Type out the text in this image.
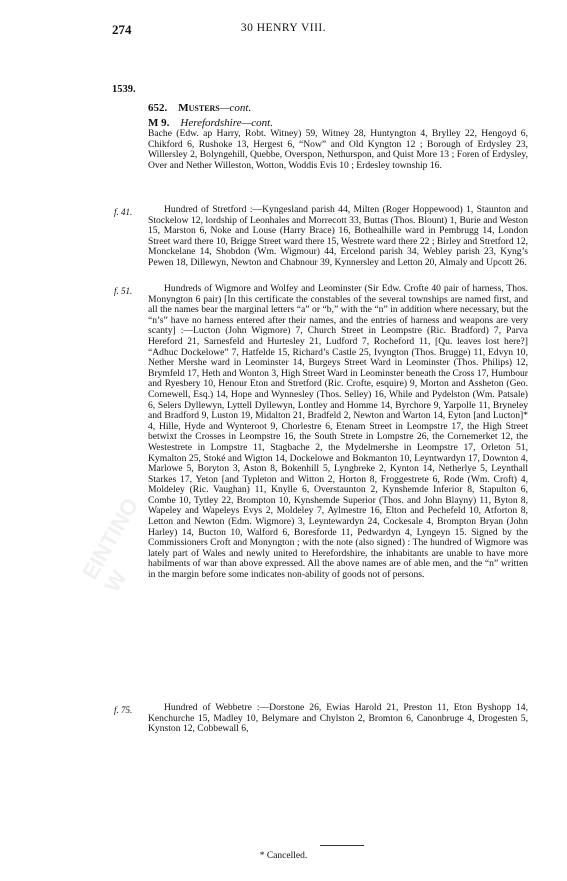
EINTINO W
274	30 HENRY VIII.
1539.
652. Musters—cont.
M 9. Herefordshire—cont.
Bache (Edw. ap Harry, Robt. Witney) 59, Witney 28, Huntyngton 4, Brylley 22, Hengoyd 6, Chikford 6, Rushoke 13, Hergest 6, “Now” and Old Kyngton 12 ; Borough of Erdysley 23, Willersley 2, Bolyngehill, Quebbe, Overspon, Nethurspon, and Quist More 13 ; Foren of Erdysley, Over and Nether Willeston, Wotton, Woddis Evis 10 ; Erdesley township 16.
f. 41.	Hundred of Stretford :—Kyngesland parish 44, Milten (Roger Hoppewood) 1, Staunton and Stockelow 12, lordship of Leonhales and Morrecott 33, Buttas (Thos. Blount) 1, Burie and Weston 15, Marston 6, Noke and Louse (Harry Brace) 16, Bothealhille ward in Pembrugg 14, London Street ward there 10, Brigge Street ward there 15, Westrete ward there 22 ; Birley and Stretford 12, Monckelane 14, Shobdon (Wm. Wigmour) 44, Ercelond parish 34, Webley parish 23, Kyng’s Pewen 18, Dillewyn, Newton and Chabnour 39, Kynnersley and Letton 20, Almaly and Upcott 26.
f. 51.	Hundreds of Wigmore and Wolfey and Leominster (Sir Edw. Crofte 40 pair of harness, Thos. Monyngton 6 pair) [In this certificate the constables of the several townships are named first, and all the names bear the marginal letters “a” or “b,” with the “n” in addition where necessary, but the “n’s” have no harness entered after their names, and the entries of harness and weapons are very scanty] :—Lucton (John Wigmore) 7, Church Street in Leompstre (Ric. Bradford) 7, Parva Hereford 21, Sarnesfeld and Hurtesley 21, Ludford 7, Rocheford 11, [Qu. leaves lost here?] “Adhuc Dockelowe” 7, Hatfelde 15, Richard’s Castle 25, Ivyngton (Thos. Brugge) 11, Edvyn 10, Nether Mershe ward in Leominster 14, Burgeys Street Ward in Leominster (Thos. Philips) 12, Brymfeld 17, Heth and Wonton 3, High Street Ward in Leominster beneath the Cross 17, Humbour and Ryesbery 10, Henour Eton and Stretford (Ric. Crofte, esquire) 9, Morton and Assheton (Geo. Cornewell, Esq.) 14, Hope and Wynnesley (Thos. Selley) 16, While and Pydelston (Wm. Patsale) 6, Selers Dyllewyn, Lyttell Dyllewyn, Lontley and Homme 14, Byrchore 9, Yarpolle 11, Bryneley and Bradford 9, Luston 19, Midalton 21, Bradfeld 2, Newton and Warton 14, Eyton [and Lucton]* 4, Hille, Hyde and Wynteroot 9, Chorlestre 6, Etenam Street in Leompstre 17, the High Street betwixt the Crosses in Leompstre 16, the South Strete in Lompstre 26, the Cornemerket 12, the Westestrete in Lompstre 11, Stagbache 2, the Mydelmershe in Leompstre 17, Orleton 51, Kymalton 25, Stoké and Wigton 14, Dockelowe and Bokmanton 10, Leyntwardyn 17, Downton 4, Marlowe 5, Boryton 3, Aston 8, Bokenhill 5, Lyngbreke 2, Kynton 14, Netherlye 5, Leynthall Starkes 17, Yeton [and Typleton and Witton 2, Horton 8, Froggestrete 6, Rode (Wm. Croft) 4, Moldeley (Ric. Vaughan) 11, Knylle 6, Overstaunton 2, Kynshemde Inferior 8, Stapulton 6, Combe 10, Tytley 22, Brompton 10, Kynshemde Superior (Thos. and John Blayny) 11, Byton 8, Wapeley and Wapeleys Evys 2, Moldeley 7, Aylmestre 16, Elton and Pechefeld 10, Atforton 8, Letton and Newton (Edm. Wigmore) 3, Leyntewardyn 24, Cockesale 4, Brompton Bryan (John Harley) 14, Bucton 10, Walford 6, Boresforde 11, Pedwardyn 4, Lyngeyn 15. Signed by the Commissioners Croft and Monyngton ; with the note (also signed) : The hundred of Wigmore was lately part of Wales and newly united to Herefordshire, the inhabitants are unable to have more habilments of war than above expressed. All the above names are of able men, and the “n” written in the margin before some indicates non-ability of goods not of persons.
f. 75.	Hundred of Webbetre :—Dorstone 26, Ewias Harold 21, Preston 11, Eton Byshopp 14, Kenchurche 15, Madley 10, Belymare and Chylston 2, Bromton 6, Canonbruge 4, Drogesten 5, Kynston 12, Cobbewall 6,
* Cancelled.
